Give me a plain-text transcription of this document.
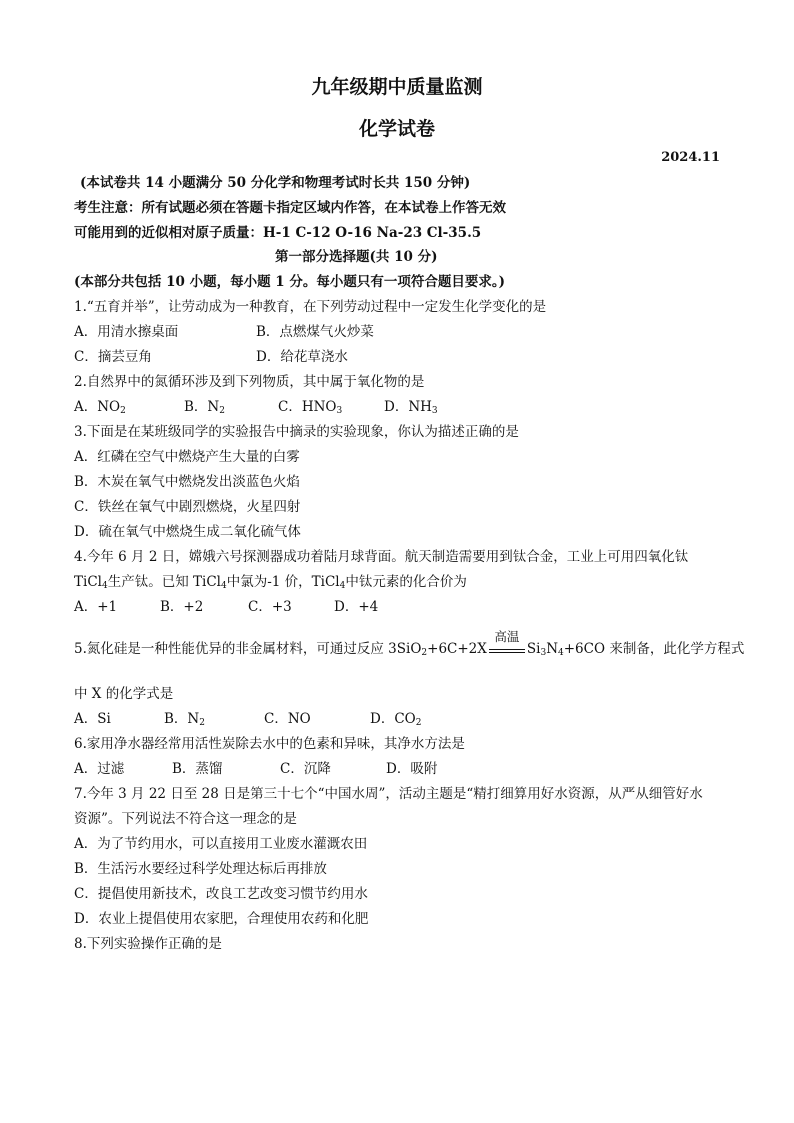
九年级期中质量监测
化学试卷
2024.11
(本试卷共 14 小题满分 50 分化学和物理考试时长共 150 分钟)
考生注意：所有试题必须在答题卡指定区域内作答，在本试卷上作答无效
可能用到的近似相对原子质量：H-1 C-12 O-16 Na-23 Cl-35.5
第一部分选择题(共 10 分)
(本部分共包括 10 小题，每小题 1 分。每小题只有一项符合题目要求。)
1.“五育并举”，让劳动成为一种教育，在下列劳动过程中一定发生化学变化的是
A．用清水擦桌面	B．点燃煤气火炒菜
C．摘芸豆角	D．给花草浇水
2.自然界中的氮循环涉及到下列物质，其中属于氧化物的是
A．$NO_2$	B．$N_2$	C．$HNO_3$	D．$NH_3$
3.下面是在某班级同学的实验报告中摘录的实验现象，你认为描述正确的是
A．红磷在空气中燃烧产生大量的白雾
B．木炭在氧气中燃烧发出淡蓝色火焰
C．铁丝在氧气中剧烈燃烧，火星四射
D．硫在氧气中燃烧生成二氧化硫气体
4.今年 6 月 2 日，嫦娥六号探测器成功着陆月球背面。航天制造需要用到钛合金，工业上可用四氧化钛
TiCl$_4$生产钛。已知 TiCl$_4$中氯为-1 价，TiCl$_4$中钛元素的化合价为
A．+1	B．+2	C．+3	D．+4
5.氮化硅是一种性能优异的非金属材料，可通过反应 3SiO$_2$+6C+2X
高温
$Si_3N_4+6CO$ 来制备，此化学方程式
中 X 的化学式是
A．Si	B．$N_2$	C．NO	D．$CO_2$
6.家用净水器经常用活性炭除去水中的色素和异味，其净水方法是
A．过滤	B．蒸馏	C．沉降	D．吸附
7.今年 3 月 22 日至 28 日是第三十七个“中国水周”，活动主题是“精打细算用好水资源，从严从细管好水
资源”。下列说法不符合这一理念的是
A．为了节约用水，可以直接用工业废水灌溉农田
B．生活污水要经过科学处理达标后再排放
C．提倡使用新技术，改良工艺改变习惯节约用水
D．农业上提倡使用农家肥，合理使用农药和化肥
8.下列实验操作正确的是
